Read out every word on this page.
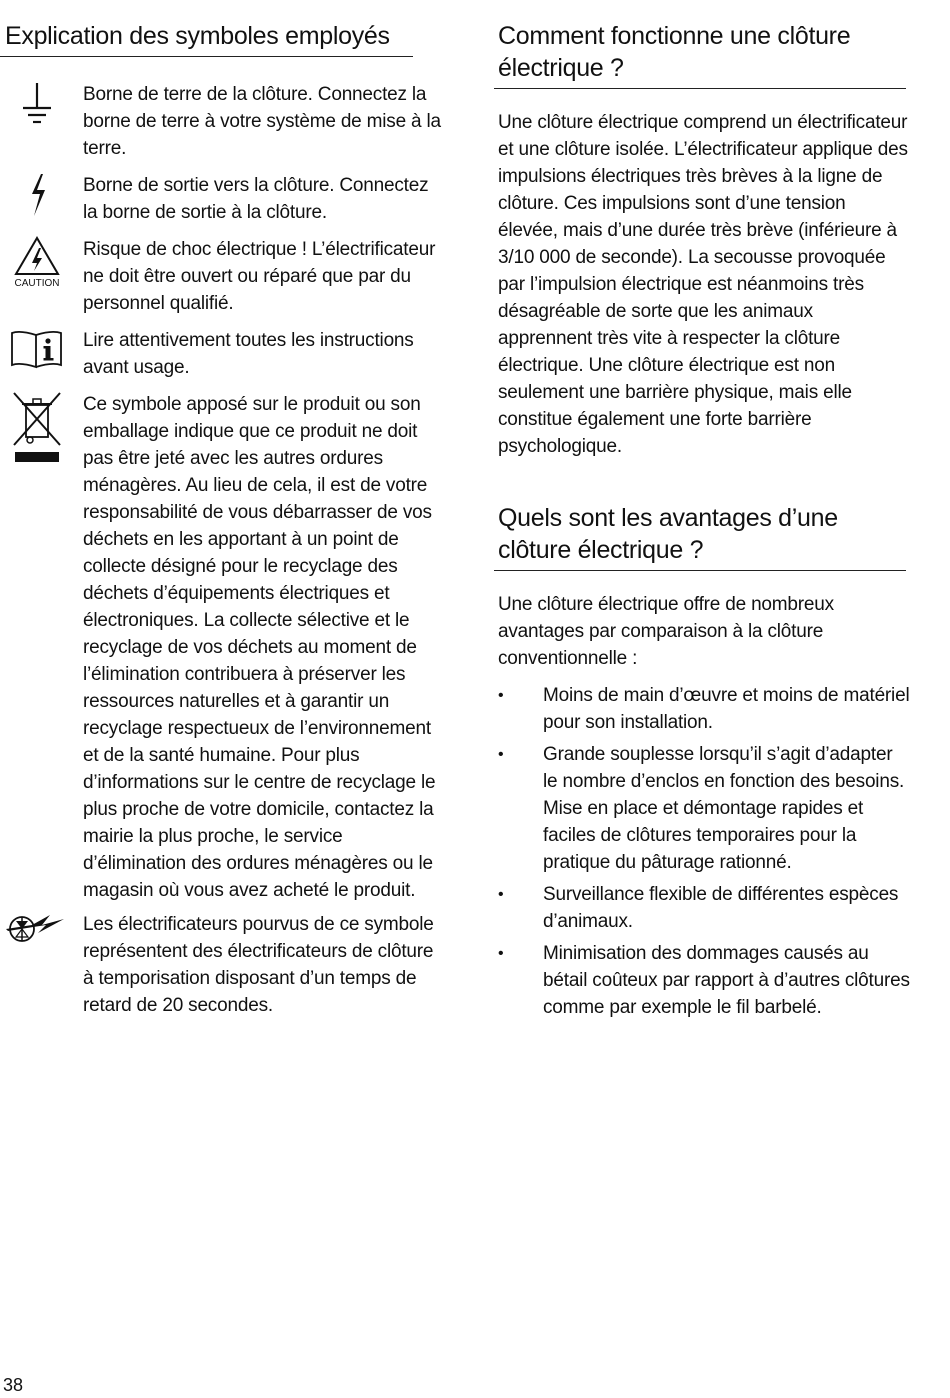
Explication des symboles employés
Borne de terre de la clôture. Connectez la borne de terre à votre système de mise à la terre.
Borne de sortie vers la clôture. Connectez la borne de sortie à la clôture.
CAUTION
Risque de choc électrique ! L’électrificateur ne doit être ouvert ou réparé que par du personnel qualifié.
Lire attentivement toutes les instructions avant usage.
Ce symbole apposé sur le produit ou son emballage indique que ce produit ne doit pas être jeté avec les autres ordures ménagères. Au lieu de cela, il est de votre responsabilité de vous débarrasser de vos déchets en les apportant à un point de collecte désigné pour le recyclage des déchets d’équipements électriques et électroniques. La collecte sélective et le recyclage de vos déchets au moment de l’élimination contribuera à préserver les ressources naturelles et à garantir un recyclage respectueux de l’environnement et de la santé humaine. Pour plus d’informations sur le centre de recyclage le plus proche de votre domicile, contactez la mairie la plus proche, le service d’élimination des ordures ménagères ou le magasin où vous avez acheté le produit.
Les électrificateurs pourvus de ce symbole représentent des électrificateurs de clôture à temporisation disposant d’un temps de retard de 20 secondes.
Comment fonctionne une clôture électrique ?

Une clôture électrique comprend un électrificateur et une clôture isolée. L’électrificateur applique des impulsions électriques très brèves à la ligne de clôture. Ces impulsions sont d’une tension élevée, mais d’une durée très brève (inférieure à 3/10 000 de seconde). La secousse provoquée par l’impulsion électrique est néanmoins très désagréable de sorte que les animaux apprennent très vite à respecter la clôture électrique. Une clôture électrique est non seulement une barrière physique, mais elle constitue également une forte barrière psychologique.

Quels sont les avantages d’une clôture électrique ?

Une clôture électrique offre de nombreux avantages par comparaison à la clôture conventionnelle :

• Moins de main d’œuvre et moins de matériel pour son installation.
• Grande souplesse lorsqu’il s’agit d’adapter le nombre d’enclos en fonction des besoins. Mise en place et démontage rapides et faciles de clôtures temporaires pour la pratique du pâturage rationné.
• Surveillance flexible de différentes espèces d’animaux.
• Minimisation des dommages causés au bétail coûteux par rapport à d’autres clôtures comme par exemple le fil barbelé.
38
